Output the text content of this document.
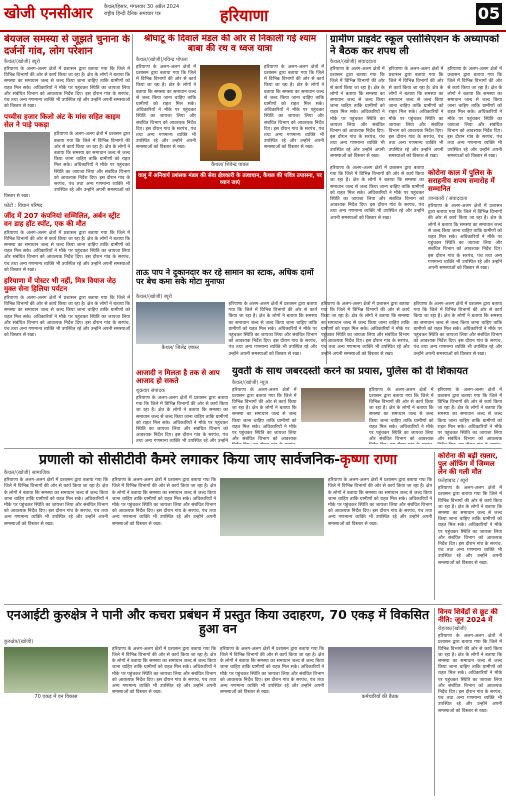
खोजी एनसीआर कैथल/हिसार, मंगलवार 30 अप्रैल 2024
राष्ट्रीय हिन्दी दैनिक समाचार पत्र	हरियाणा	05
बेयजल समस्या से जूझते चुनाना के दर्जनों गांव, लोग परेशान
कैथल/(खोजी) ब्यूरो

हरियाणा के अलग-अलग क्षेत्रों में प्रशासन द्वारा बताया गया कि जिले में विभिन्न विभागों की ओर से कार्य किया जा रहा है। क्षेत्र के लोगों ने बताया कि समस्या का समाधान जल्द से जल्द किया जाना चाहिए ताकि ग्रामीणों को राहत मिल सके। अधिकारियों ने मौके पर पहुंचकर स्थिति का जायजा लिया और संबंधित विभाग को आवश्यक निर्देश दिए। इस दौरान गांव के सरपंच, पंच तथा अन्य गणमान्य व्यक्ति भी उपस्थित रहे और उन्होंने अपनी समस्याओं को विस्तार से रखा।

पच्चीस हजार किलो अंट के मांस सहित काइम सेल ने पाड़े पकड़ा

हरियाणा के अलग-अलग क्षेत्रों में प्रशासन द्वारा बताया गया कि जिले में विभिन्न विभागों की ओर से कार्य किया जा रहा है। क्षेत्र के लोगों ने बताया कि समस्या का समाधान जल्द से जल्द किया जाना चाहिए ताकि ग्रामीणों को राहत मिल सके। अधिकारियों ने मौके पर पहुंचकर स्थिति का जायजा लिया और संबंधित विभाग को आवश्यक निर्देश दिए। इस दौरान गांव के सरपंच, पंच तथा अन्य गणमान्य व्यक्ति भी उपस्थित रहे और उन्होंने अपनी समस्याओं को विस्तार से रखा।

फोटो : विधान परिषद
जींद में 207 कंपनियां सम्मिलित, अर्बन स्ट्रीट वन डाह हॉट स्पॉट, एक की मौत

हरियाणा के अलग-अलग क्षेत्रों में प्रशासन द्वारा बताया गया कि जिले में विभिन्न विभागों की ओर से कार्य किया जा रहा है। क्षेत्र के लोगों ने बताया कि समस्या का समाधान जल्द से जल्द किया जाना चाहिए ताकि ग्रामीणों को राहत मिल सके। अधिकारियों ने मौके पर पहुंचकर स्थिति का जायजा लिया और संबंधित विभाग को आवश्यक निर्देश दिए। इस दौरान गांव के सरपंच, पंच तथा अन्य गणमान्य व्यक्ति भी उपस्थित रहे और उन्होंने अपनी समस्याओं को विस्तार से रखा।

हरियाणा में पोस्टर भी नहीं, मित्र वियाज जेठ़ मुक्त सेना हिलिया पर्यटन

हरियाणा के अलग-अलग क्षेत्रों में प्रशासन द्वारा बताया गया कि जिले में विभिन्न विभागों की ओर से कार्य किया जा रहा है। क्षेत्र के लोगों ने बताया कि समस्या का समाधान जल्द से जल्द किया जाना चाहिए ताकि ग्रामीणों को राहत मिल सके। अधिकारियों ने मौके पर पहुंचकर स्थिति का जायजा लिया और संबंधित विभाग को आवश्यक निर्देश दिए। इस दौरान गांव के सरपंच, पंच तथा अन्य गणमान्य व्यक्ति भी उपस्थित रहे और उन्होंने अपनी समस्याओं को विस्तार से रखा।

श्रीघाटू के दिवाले मंडल की ओर से निकाली गई श्याम बाबा की रथ व ध्वज यात्रा
कैथल/(खोजी)/रविन्द्र पोपला

हरियाणा के अलग-अलग क्षेत्रों में प्रशासन द्वारा बताया गया कि जिले में विभिन्न विभागों की ओर से कार्य किया जा रहा है। क्षेत्र के लोगों ने बताया कि समस्या का समाधान जल्द से जल्द किया जाना चाहिए ताकि ग्रामीणों को राहत मिल सके। अधिकारियों ने मौके पर पहुंचकर स्थिति का जायजा लिया और संबंधित विभाग को आवश्यक निर्देश दिए। इस दौरान गांव के सरपंच, पंच तथा अन्य गणमान्य व्यक्ति भी उपस्थित रहे और उन्होंने अपनी समस्याओं को विस्तार से रखा।

कैथल/ शिवेन्द्र पायल

हरियाणा के अलग-अलग क्षेत्रों में प्रशासन द्वारा बताया गया कि जिले में विभिन्न विभागों की ओर से कार्य किया जा रहा है। क्षेत्र के लोगों ने बताया कि समस्या का समाधान जल्द से जल्द किया जाना चाहिए ताकि ग्रामीणों को राहत मिल सके। अधिकारियों ने मौके पर पहुंचकर स्थिति का जायजा लिया और संबंधित विभाग को आवश्यक निर्देश दिए। इस दौरान गांव के सरपंच, पंच तथा अन्य गणमान्य व्यक्ति भी उपस्थित रहे और उन्होंने अपनी समस्याओं को विस्तार से रखा।

वालू में अनिवार्य प्रशंसक मंडल की सेवा क्षेत्रकारी के तत्वाधान, कैथल की पवित्र उपासना, पर ध्यान जाएं
ग्रामीण प्राइवेट स्कूल एसोसिएशन के अध्यापकों ने बैठक कर शपथ ली
कैथल/(खोजी) संवाददाता

हरियाणा के अलग-अलग क्षेत्रों में प्रशासन द्वारा बताया गया कि जिले में विभिन्न विभागों की ओर से कार्य किया जा रहा है। क्षेत्र के लोगों ने बताया कि समस्या का समाधान जल्द से जल्द किया जाना चाहिए ताकि ग्रामीणों को राहत मिल सके। अधिकारियों ने मौके पर पहुंचकर स्थिति का जायजा लिया और संबंधित विभाग को आवश्यक निर्देश दिए। इस दौरान गांव के सरपंच, पंच तथा अन्य गणमान्य व्यक्ति भी उपस्थित रहे और उन्होंने अपनी समस्याओं को विस्तार से रखा।

हरियाणा के अलग-अलग क्षेत्रों में प्रशासन द्वारा बताया गया कि जिले में विभिन्न विभागों की ओर से कार्य किया जा रहा है। क्षेत्र के लोगों ने बताया कि समस्या का समाधान जल्द से जल्द किया जाना चाहिए ताकि ग्रामीणों को राहत मिल सके। अधिकारियों ने मौके पर पहुंचकर स्थिति का जायजा लिया और संबंधित विभाग को आवश्यक निर्देश दिए। इस दौरान गांव के सरपंच, पंच तथा अन्य गणमान्य व्यक्ति भी उपस्थित रहे और उन्होंने अपनी समस्याओं को विस्तार से रखा।

हरियाणा के अलग-अलग क्षेत्रों में प्रशासन द्वारा बताया गया कि जिले में विभिन्न विभागों की ओर से कार्य किया जा रहा है। क्षेत्र के लोगों ने बताया कि समस्या का समाधान जल्द से जल्द किया जाना चाहिए ताकि ग्रामीणों को राहत मिल सके। अधिकारियों ने मौके पर पहुंचकर स्थिति का जायजा लिया और संबंधित विभाग को आवश्यक निर्देश दिए। इस दौरान गांव के सरपंच, पंच तथा अन्य गणमान्य व्यक्ति भी उपस्थित रहे और उन्होंने अपनी समस्याओं को विस्तार से रखा।

हरियाणा के अलग-अलग क्षेत्रों में प्रशासन द्वारा बताया गया कि जिले में विभिन्न विभागों की ओर से कार्य किया जा रहा है। क्षेत्र के लोगों ने बताया कि समस्या का समाधान जल्द से जल्द किया जाना चाहिए ताकि ग्रामीणों को राहत मिल सके। अधिकारियों ने मौके पर पहुंचकर स्थिति का जायजा लिया और संबंधित विभाग को आवश्यक निर्देश दिए। इस दौरान गांव के सरपंच, पंच तथा अन्य गणमान्य व्यक्ति भी उपस्थित रहे और उन्होंने अपनी समस्याओं को विस्तार से रखा।

कोरोना काल में पुलिस के सराहनीय शपथ समारोह में सम्मानित
जानकारी / संवाददाता

हरियाणा के अलग-अलग क्षेत्रों में प्रशासन द्वारा बताया गया कि जिले में विभिन्न विभागों की ओर से कार्य किया जा रहा है। क्षेत्र के लोगों ने बताया कि समस्या का समाधान जल्द से जल्द किया जाना चाहिए ताकि ग्रामीणों को राहत मिल सके। अधिकारियों ने मौके पर पहुंचकर स्थिति का जायजा लिया और संबंधित विभाग को आवश्यक निर्देश दिए। इस दौरान गांव के सरपंच, पंच तथा अन्य गणमान्य व्यक्ति भी उपस्थित रहे और उन्होंने अपनी समस्याओं को विस्तार से रखा।

ताऊ पाप ने दुकानदार कर रहे सामान का स्टाक, अधिक दामों पर बेच कमा सके मोटा मुनाफा
कैथल/(खोजी) ब्यूरो
कैथल/ जिलेंद्र ज़ाफ़र

हरियाणा के अलग-अलग क्षेत्रों में प्रशासन द्वारा बताया गया कि जिले में विभिन्न विभागों की ओर से कार्य किया जा रहा है। क्षेत्र के लोगों ने बताया कि समस्या का समाधान जल्द से जल्द किया जाना चाहिए ताकि ग्रामीणों को राहत मिल सके। अधिकारियों ने मौके पर पहुंचकर स्थिति का जायजा लिया और संबंधित विभाग को आवश्यक निर्देश दिए। इस दौरान गांव के सरपंच, पंच तथा अन्य गणमान्य व्यक्ति भी उपस्थित रहे और उन्होंने अपनी समस्याओं को विस्तार से रखा।

हरियाणा के अलग-अलग क्षेत्रों में प्रशासन द्वारा बताया गया कि जिले में विभिन्न विभागों की ओर से कार्य किया जा रहा है। क्षेत्र के लोगों ने बताया कि समस्या का समाधान जल्द से जल्द किया जाना चाहिए ताकि ग्रामीणों को राहत मिल सके। अधिकारियों ने मौके पर पहुंचकर स्थिति का जायजा लिया और संबंधित विभाग को आवश्यक निर्देश दिए। इस दौरान गांव के सरपंच, पंच तथा अन्य गणमान्य व्यक्ति भी उपस्थित रहे और उन्होंने अपनी समस्याओं को विस्तार से रखा।

हरियाणा के अलग-अलग क्षेत्रों में प्रशासन द्वारा बताया गया कि जिले में विभिन्न विभागों की ओर से कार्य किया जा रहा है। क्षेत्र के लोगों ने बताया कि समस्या का समाधान जल्द से जल्द किया जाना चाहिए ताकि ग्रामीणों को राहत मिल सके। अधिकारियों ने मौके पर पहुंचकर स्थिति का जायजा लिया और संबंधित विभाग को आवश्यक निर्देश दिए। इस दौरान गांव के सरपंच, पंच तथा अन्य गणमान्य व्यक्ति भी उपस्थित रहे और उन्होंने अपनी समस्याओं को विस्तार से रखा।

आजादी न मिलता है तक से आप आजाद हो सकते
शुक्रवार संपादक

हरियाणा के अलग-अलग क्षेत्रों में प्रशासन द्वारा बताया गया कि जिले में विभिन्न विभागों की ओर से कार्य किया जा रहा है। क्षेत्र के लोगों ने बताया कि समस्या का समाधान जल्द से जल्द किया जाना चाहिए ताकि ग्रामीणों को राहत मिल सके। अधिकारियों ने मौके पर पहुंचकर स्थिति का जायजा लिया और संबंधित विभाग को आवश्यक निर्देश दिए। इस दौरान गांव के सरपंच, पंच तथा अन्य गणमान्य व्यक्ति भी उपस्थित रहे और उन्होंने

युवती के साथ जबरदस्ती करने का प्रयास, पुलिस को दी शिकायत
कैथल/(खोजी) न्यूज़

हरियाणा के अलग-अलग क्षेत्रों में प्रशासन द्वारा बताया गया कि जिले में विभिन्न विभागों की ओर से कार्य किया जा रहा है। क्षेत्र के लोगों ने बताया कि समस्या का समाधान जल्द से जल्द किया जाना चाहिए ताकि ग्रामीणों को राहत मिल सके। अधिकारियों ने मौके पर पहुंचकर स्थिति का जायजा लिया और संबंधित विभाग को आवश्यक

हरियाणा के अलग-अलग क्षेत्रों में प्रशासन द्वारा बताया गया कि जिले में विभिन्न विभागों की ओर से कार्य किया जा रहा है। क्षेत्र के लोगों ने बताया कि समस्या का समाधान जल्द से जल्द किया जाना चाहिए ताकि ग्रामीणों को राहत मिल सके। अधिकारियों ने मौके पर पहुंचकर स्थिति का जायजा लिया और संबंधित विभाग को आवश्यक

हरियाणा के अलग-अलग क्षेत्रों में प्रशासन द्वारा बताया गया कि जिले में विभिन्न विभागों की ओर से कार्य किया जा रहा है। क्षेत्र के लोगों ने बताया कि समस्या का समाधान जल्द से जल्द किया जाना चाहिए ताकि ग्रामीणों को राहत मिल सके। अधिकारियों ने मौके पर पहुंचकर स्थिति का जायजा लिया और संबंधित विभाग को आवश्यक

प्रणाली को सीसीटीवी कैमरे लगाकर किया जाए सार्वजनिक-कृष्णा राणा
कैथल/(खोजी) सामाजिक

हरियाणा के अलग-अलग क्षेत्रों में प्रशासन द्वारा बताया गया कि जिले में विभिन्न विभागों की ओर से कार्य किया जा रहा है। क्षेत्र के लोगों ने बताया कि समस्या का समाधान जल्द से जल्द किया जाना चाहिए ताकि ग्रामीणों को राहत मिल सके। अधिकारियों ने मौके पर पहुंचकर स्थिति का जायजा लिया और संबंधित विभाग को आवश्यक निर्देश दिए। इस दौरान गांव के सरपंच, पंच तथा अन्य गणमान्य व्यक्ति भी उपस्थित रहे और उन्होंने अपनी समस्याओं को विस्तार से रखा।

हरियाणा के अलग-अलग क्षेत्रों में प्रशासन द्वारा बताया गया कि जिले में विभिन्न विभागों की ओर से कार्य किया जा रहा है। क्षेत्र के लोगों ने बताया कि समस्या का समाधान जल्द से जल्द किया जाना चाहिए ताकि ग्रामीणों को राहत मिल सके। अधिकारियों ने मौके पर पहुंचकर स्थिति का जायजा लिया और संबंधित विभाग को आवश्यक निर्देश दिए। इस दौरान गांव के सरपंच, पंच तथा अन्य गणमान्य व्यक्ति भी उपस्थित रहे और उन्होंने अपनी समस्याओं को विस्तार से रखा।

हरियाणा के अलग-अलग क्षेत्रों में प्रशासन द्वारा बताया गया कि जिले में विभिन्न विभागों की ओर से कार्य किया जा रहा है। क्षेत्र के लोगों ने बताया कि समस्या का समाधान जल्द से जल्द किया जाना चाहिए ताकि ग्रामीणों को राहत मिल सके। अधिकारियों ने मौके पर पहुंचकर स्थिति का जायजा लिया और संबंधित विभाग को आवश्यक निर्देश दिए। इस दौरान गांव के सरपंच, पंच तथा अन्य गणमान्य व्यक्ति भी उपस्थित रहे और उन्होंने अपनी समस्याओं को विस्तार से रखा।

कोरोना की बढ़ी रफ़्तार, पुल ऑफिंग में जिम्मल लेन की गली मौत
फ़तेहाबाद / ब्यूरो

हरियाणा के अलग-अलग क्षेत्रों में प्रशासन द्वारा बताया गया कि जिले में विभिन्न विभागों की ओर से कार्य किया जा रहा है। क्षेत्र के लोगों ने बताया कि समस्या का समाधान जल्द से जल्द किया जाना चाहिए ताकि ग्रामीणों को राहत मिल सके। अधिकारियों ने मौके पर पहुंचकर स्थिति का जायजा लिया और संबंधित विभाग को आवश्यक निर्देश दिए। इस दौरान गांव के सरपंच, पंच तथा अन्य गणमान्य व्यक्ति भी उपस्थित रहे और उन्होंने अपनी समस्याओं को विस्तार से रखा।

एनआईटी कुरुक्षेत्र ने पानी और कचरा प्रबंधन में प्रस्तुत किया उदाहरण, 70 एकड़ में विकसित हुआ वन
कुरुक्षेत्र/(खोजी)
70 एकड़ में वन विकास

हरियाणा के अलग-अलग क्षेत्रों में प्रशासन द्वारा बताया गया कि जिले में विभिन्न विभागों की ओर से कार्य किया जा रहा है। क्षेत्र के लोगों ने बताया कि समस्या का समाधान जल्द से जल्द किया जाना चाहिए ताकि ग्रामीणों को राहत मिल सके। अधिकारियों ने मौके पर पहुंचकर स्थिति का जायजा लिया और संबंधित विभाग को आवश्यक निर्देश दिए। इस दौरान गांव के सरपंच, पंच तथा अन्य गणमान्य व्यक्ति भी उपस्थित रहे और उन्होंने अपनी समस्याओं को विस्तार से रखा।

हरियाणा के अलग-अलग क्षेत्रों में प्रशासन द्वारा बताया गया कि जिले में विभिन्न विभागों की ओर से कार्य किया जा रहा है। क्षेत्र के लोगों ने बताया कि समस्या का समाधान जल्द से जल्द किया जाना चाहिए ताकि ग्रामीणों को राहत मिल सके। अधिकारियों ने मौके पर पहुंचकर स्थिति का जायजा लिया और संबंधित विभाग को आवश्यक निर्देश दिए। इस दौरान गांव के सरपंच, पंच तथा अन्य गणमान्य व्यक्ति भी उपस्थित रहे और उन्होंने अपनी समस्याओं को विस्तार से रखा।

कर्मचारियों की बैठक
विनय शिवेंद्रों से छूट की नीति: जून 2024 में
रोहतक/(खोजी)

हरियाणा के अलग-अलग क्षेत्रों में प्रशासन द्वारा बताया गया कि जिले में विभिन्न विभागों की ओर से कार्य किया जा रहा है। क्षेत्र के लोगों ने बताया कि समस्या का समाधान जल्द से जल्द किया जाना चाहिए ताकि ग्रामीणों को राहत मिल सके। अधिकारियों ने मौके पर पहुंचकर स्थिति का जायजा लिया और संबंधित विभाग को आवश्यक निर्देश दिए। इस दौरान गांव के सरपंच, पंच तथा अन्य गणमान्य व्यक्ति भी उपस्थित रहे और उन्होंने अपनी समस्याओं को विस्तार से रखा।
